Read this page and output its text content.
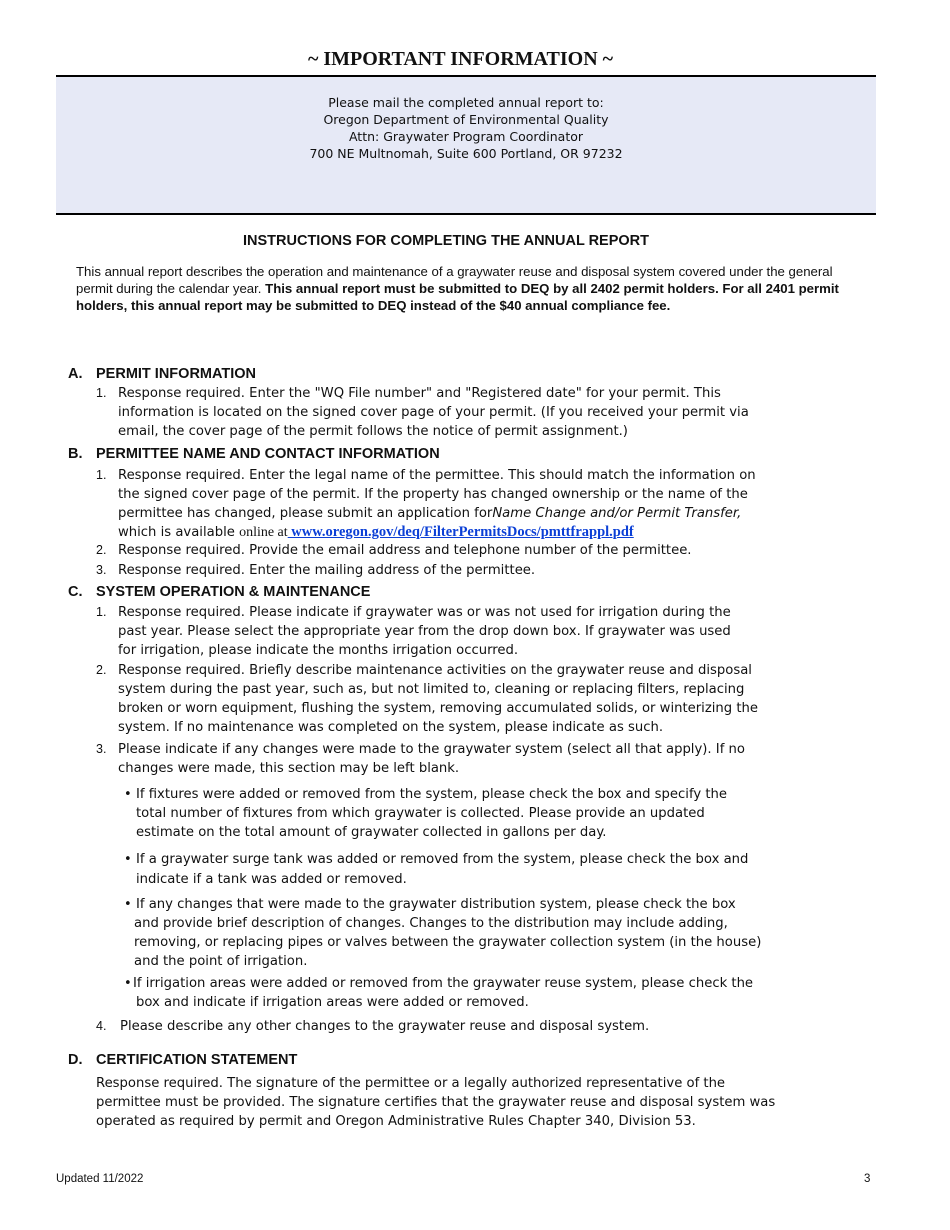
~ IMPORTANT INFORMATION ~
Please mail the completed annual report to:
Oregon Department of Environmental Quality
Attn: Graywater Program Coordinator
700 NE Multnomah, Suite 600 Portland, OR 97232
INSTRUCTIONS FOR COMPLETING THE ANNUAL REPORT
This annual report describes the operation and maintenance of a graywater reuse and disposal system covered under the general permit during the calendar year. This annual report must be submitted to DEQ by all 2402 permit holders. For all 2401 permit holders, this annual report may be submitted to DEQ instead of the $40 annual compliance fee.
A. PERMIT INFORMATION
1. Response required. Enter the "WQ File number" and "Registered date" for your permit. This
information is located on the signed cover page of your permit. (If you received your permit via
email, the cover page of the permit follows the notice of permit assignment.)
B. PERMITTEE NAME AND CONTACT INFORMATION
1. Response required. Enter the legal name of the permittee. This should match the information on
the signed cover page of the permit. If the property has changed ownership or the name of the
permittee has changed, please submit an application forName Change and/or Permit Transfer,
which is available online at www.oregon.gov/deq/FilterPermitsDocs/pmttfrappl.pdf
2. Response required. Provide the email address and telephone number of the permittee.
3. Response required. Enter the mailing address of the permittee.
C. SYSTEM OPERATION & MAINTENANCE
1. Response required. Please indicate if graywater was or was not used for irrigation during the
past year. Please select the appropriate year from the drop down box. If graywater was used
for irrigation, please indicate the months irrigation occurred.
2. Response required. Briefly describe maintenance activities on the graywater reuse and disposal
system during the past year, such as, but not limited to, cleaning or replacing filters, replacing
broken or worn equipment, flushing the system, removing accumulated solids, or winterizing the
system. If no maintenance was completed on the system, please indicate as such.
3. Please indicate if any changes were made to the graywater system (select all that apply). If no
changes were made, this section may be left blank.
• If fixtures were added or removed from the system, please check the box and specify the
total number of fixtures from which graywater is collected. Please provide an updated
estimate on the total amount of graywater collected in gallons per day.
• If a graywater surge tank was added or removed from the system, please check the box and
indicate if a tank was added or removed.
• If any changes that were made to the graywater distribution system, please check the box
and provide brief description of changes. Changes to the distribution may include adding,
removing, or replacing pipes or valves between the graywater collection system (in the house)
and the point of irrigation.
• If irrigation areas were added or removed from the graywater reuse system, please check the
box and indicate if irrigation areas were added or removed.
4. Please describe any other changes to the graywater reuse and disposal system.
D. CERTIFICATION STATEMENT
Response required. The signature of the permittee or a legally authorized representative of the
permittee must be provided. The signature certifies that the graywater reuse and disposal system was
operated as required by permit and Oregon Administrative Rules Chapter 340, Division 53.
Updated 11/2022	3
